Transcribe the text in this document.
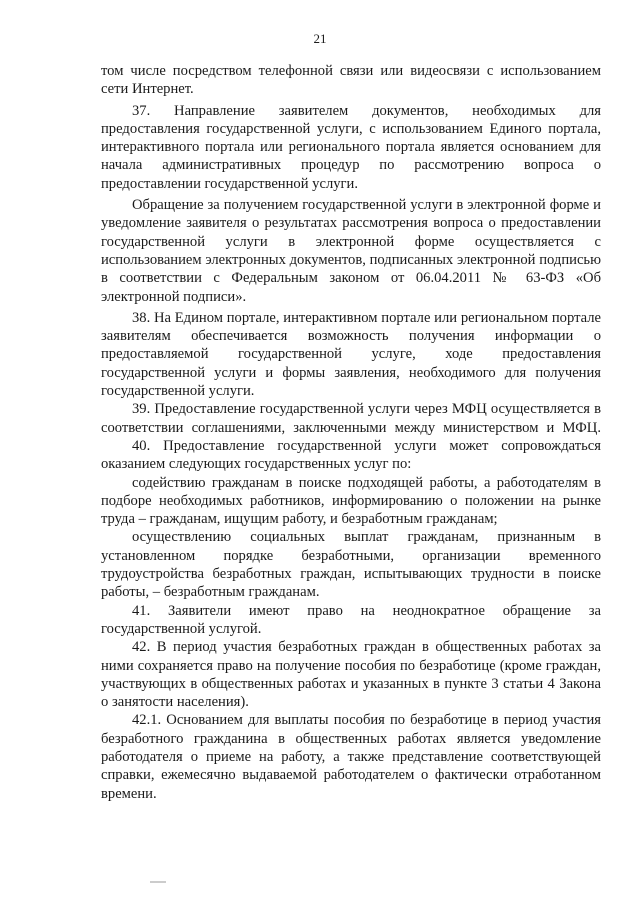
21

том числе посредством телефонной связи или видеосвязи с использованием сети Интернет.

37. Направление заявителем документов, необходимых для предоставления государственной услуги, с использованием Единого портала, интерактивного портала или регионального портала является основанием для начала административных процедур по рассмотрению вопроса о предоставлении государственной услуги.

Обращение за получением государственной услуги в электронной форме и уведомление заявителя о результатах рассмотрения вопроса о предоставлении государственной услуги в электронной форме осуществляется с использованием электронных документов, подписанных электронной подписью в соответствии с Федеральным законом от 06.04.2011 № 63-ФЗ «Об электронной подписи».

38. На Едином портале, интерактивном портале или региональном портале заявителям обеспечивается возможность получения информации о предоставляемой государственной услуге, ходе предоставления государственной услуги и формы заявления, необходимого для получения государственной услуги.

39. Предоставление государственной услуги через МФЦ осуществляется в соответствии соглашениями, заключенными между министерством и МФЦ.

40. Предоставление государственной услуги может сопровождаться оказанием следующих государственных услуг по:

содействию гражданам в поиске подходящей работы, а работодателям в подборе необходимых работников, информированию о положении на рынке труда – гражданам, ищущим работу, и безработным гражданам;

осуществлению социальных выплат гражданам, признанным в установленном порядке безработными, организации временного трудоустройства безработных граждан, испытывающих трудности в поиске работы, – безработным гражданам.

41. Заявители имеют право на неоднократное обращение за государственной услугой.

42. В период участия безработных граждан в общественных работах за ними сохраняется право на получение пособия по безработице (кроме граждан, участвующих в общественных работах и указанных в пункте 3 статьи 4 Закона о занятости населения).

42.1. Основанием для выплаты пособия по безработице в период участия безработного гражданина в общественных работах является уведомление работодателя о приеме на работу, а также представление соответствующей справки, ежемесячно выдаваемой работодателем о фактически отработанном времени.
